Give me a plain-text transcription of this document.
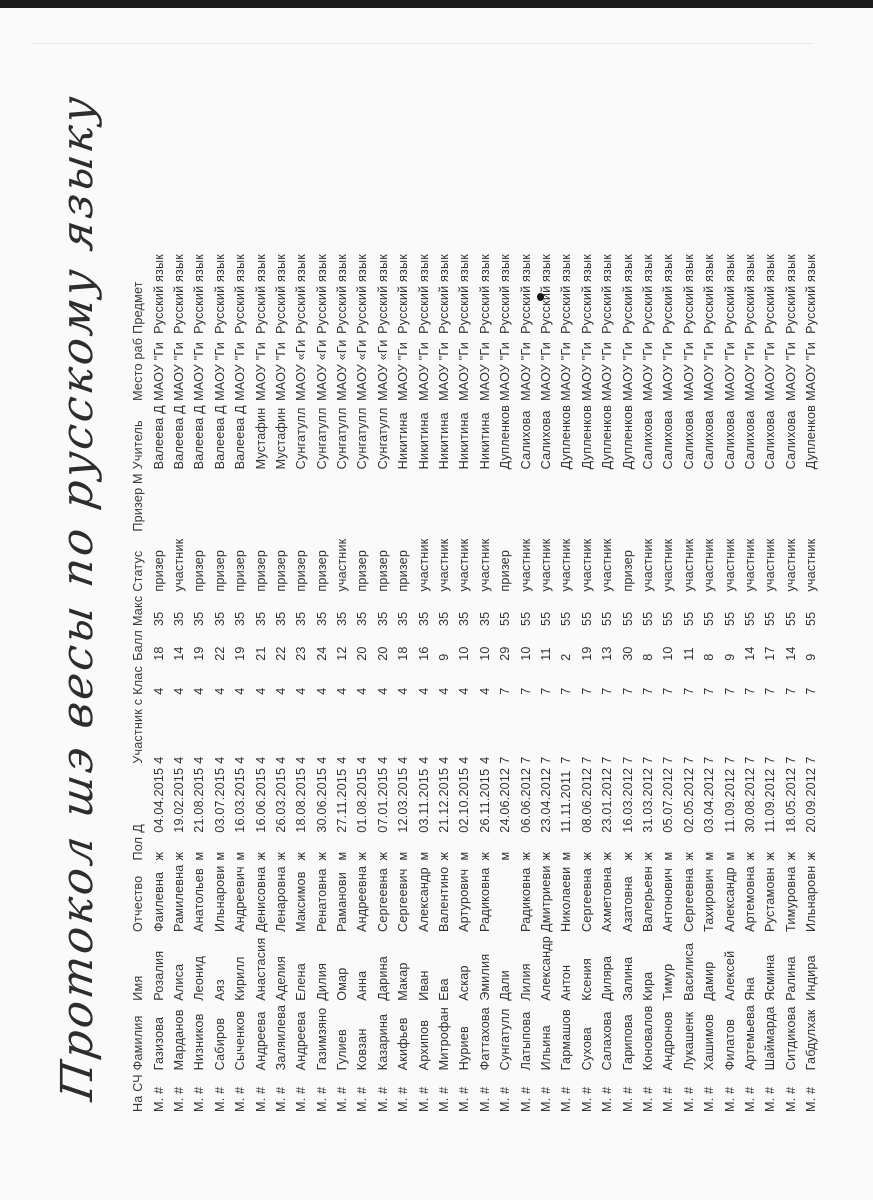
Протокол шэ весы по русскому языку На СЧ	Фамилия	Имя	Отчество	Пол	Д	Участник с	Клас	Балл	Макс	Статус	Призер М	Учитель	Место раб	Предмет
М. #	Газизова	Розалия	Фаилевна	ж	04.04.2015	4	4	18	35	призер		Валеева Д	МАОУ "Ги	Русский язык
М. #	Марданов	Алиса	Рамилевна	ж	19.02.2015	4	4	14	35	участник		Валеева Д	МАОУ "Ги	Русский язык
М. #	Низников	Леонид	Анатольев	м	21.08.2015	4	4	19	35	призер		Валеева Д	МАОУ "Ги	Русский язык
М. #	Сабиров	Аяз	Ильнарови	м	03.07.2015	4	4	22	35	призер		Валеева Д	МАОУ "Ги	Русский язык
М. #	Сыченков	Кирилл	Андреевич	м	16.03.2015	4	4	19	35	призер		Валеева Д	МАОУ "Ги	Русский язык
М. #	Андреева	Анастасия	Денисовна	ж	16.06.2015	4	4	21	35	призер		Мустафин	МАОУ "Ги	Русский язык
М. #	Заляилева	Аделия	Ленаровна	ж	26.03.2015	4	4	22	35	призер		Мустафин	МАОУ "Ги	Русский язык
М. #	Андреева	Елена	Максимов	ж	18.08.2015	4	4	23	35	призер		Сунгатулл	МАОУ «Ги	Русский язык
М. #	Газимзяно	Дилия	Ренатовна	ж	30.06.2015	4	4	24	35	призер		Сунгатулл	МАОУ «Ги	Русский язык
М. #	Гулиев	Омар	Раманови	м	27.11.2015	4	4	12	35	участник		Сунгатулл	МАОУ «Ги	Русский язык
М. #	Ковзан	Анна	Андреевна	ж	01.08.2015	4	4	20	35	призер		Сунгатулл	МАОУ «Ги	Русский язык
М. #	Казарина	Дарина	Сергеевна	ж	07.01.2015	4	4	20	35	призер		Сунгатулл	МАОУ «Ги	Русский язык
М. #	Акифьев	Макар	Сергеевич	м	12.03.2015	4	4	18	35	призер		Никитина	МАОУ "Ги	Русский язык
М. #	Архипов	Иван	Александр	м	03.11.2015	4	4	16	35	участник		Никитина	МАОУ "Ги	Русский язык
М. #	Митрофан	Ева	Валентино	ж	21.12.2015	4	4	9	35	участник		Никитина	МАОУ "Ги	Русский язык
М. #	Нуриев	Аскар	Артурович	м	02.10.2015	4	4	10	35	участник		Никитина	МАОУ "Ги	Русский язык
М. #	Фаттахова	Эмилия	Радиковна	ж	26.11.2015	4	4	10	35	участник		Никитина	МАОУ "Ги	Русский язык
М. #	Сунгатулл	Дали		м	24.06.2012	7	7	29	55	призер		Дупленков	МАОУ "Ги	Русский язык
М. #	Латыпова	Лилия	Радиковна	ж	06.06.2012	7	7	10	55	участник		Салихова	МАОУ "Ги	Русский язык
М. #	Ильина	Александр	Дмитриеви	ж	23.04.2012	7	7	11	55	участник		Салихова	МАОУ "Ги	Русский язык
М. #	Гармашов	Антон	Николаеви	м	11.11.2011	7	7	2	55	участник		Дупленков	МАОУ "Ги	Русский язык
М. #	Сухова	Ксения	Сергеевна	ж	08.06.2012	7	7	19	55	участник		Дупленков	МАОУ "Ги	Русский язык
М. #	Салахова	Диляра	Ахметовна	ж	23.01.2012	7	7	13	55	участник		Дупленков	МАОУ "Ги	Русский язык
М. #	Гарипова	Залина	Азатовна	ж	16.03.2012	7	7	30	55	призер		Дупленков	МАОУ "Ги	Русский язык
М. #	Коновалов	Кира	Валерьевн	ж	31.03.2012	7	7	8	55	участник		Салихова	МАОУ "Ги	Русский язык
М. #	Андронов	Тимур	Антонович	м	05.07.2012	7	7	10	55	участник		Салихова	МАОУ "Ги	Русский язык
М. #	Лукашенк	Василиса	Сергеевна	ж	02.05.2012	7	7	11	55	участник		Салихова	МАОУ "Ги	Русский язык
М. #	Хашимов	Дамир	Тахирович	м	03.04.2012	7	7	8	55	участник		Салихова	МАОУ "Ги	Русский язык
М. #	Филатов	Алексей	Александр	м	11.09.2012	7	7	9	55	участник		Салихова	МАОУ "Ги	Русский язык
М. #	Артемьева	Яна	Артемовна	ж	30.08.2012	7	7	14	55	участник		Салихова	МАОУ "Ги	Русский язык
М. #	Шаймарда	Ясмина	Рустамовн	ж	11.09.2012	7	7	17	55	участник		Салихова	МАОУ "Ги	Русский язык
М. #	Ситдикова	Ралина	Тимуровна	ж	18.05.2012	7	7	14	55	участник		Салихова	МАОУ "Ги	Русский язык
М. #	Габдулхак	Индира	Ильнаровн	ж	20.09.2012	7	7	9	55	участник		Дупленков	МАОУ "Ги	Русский язык
